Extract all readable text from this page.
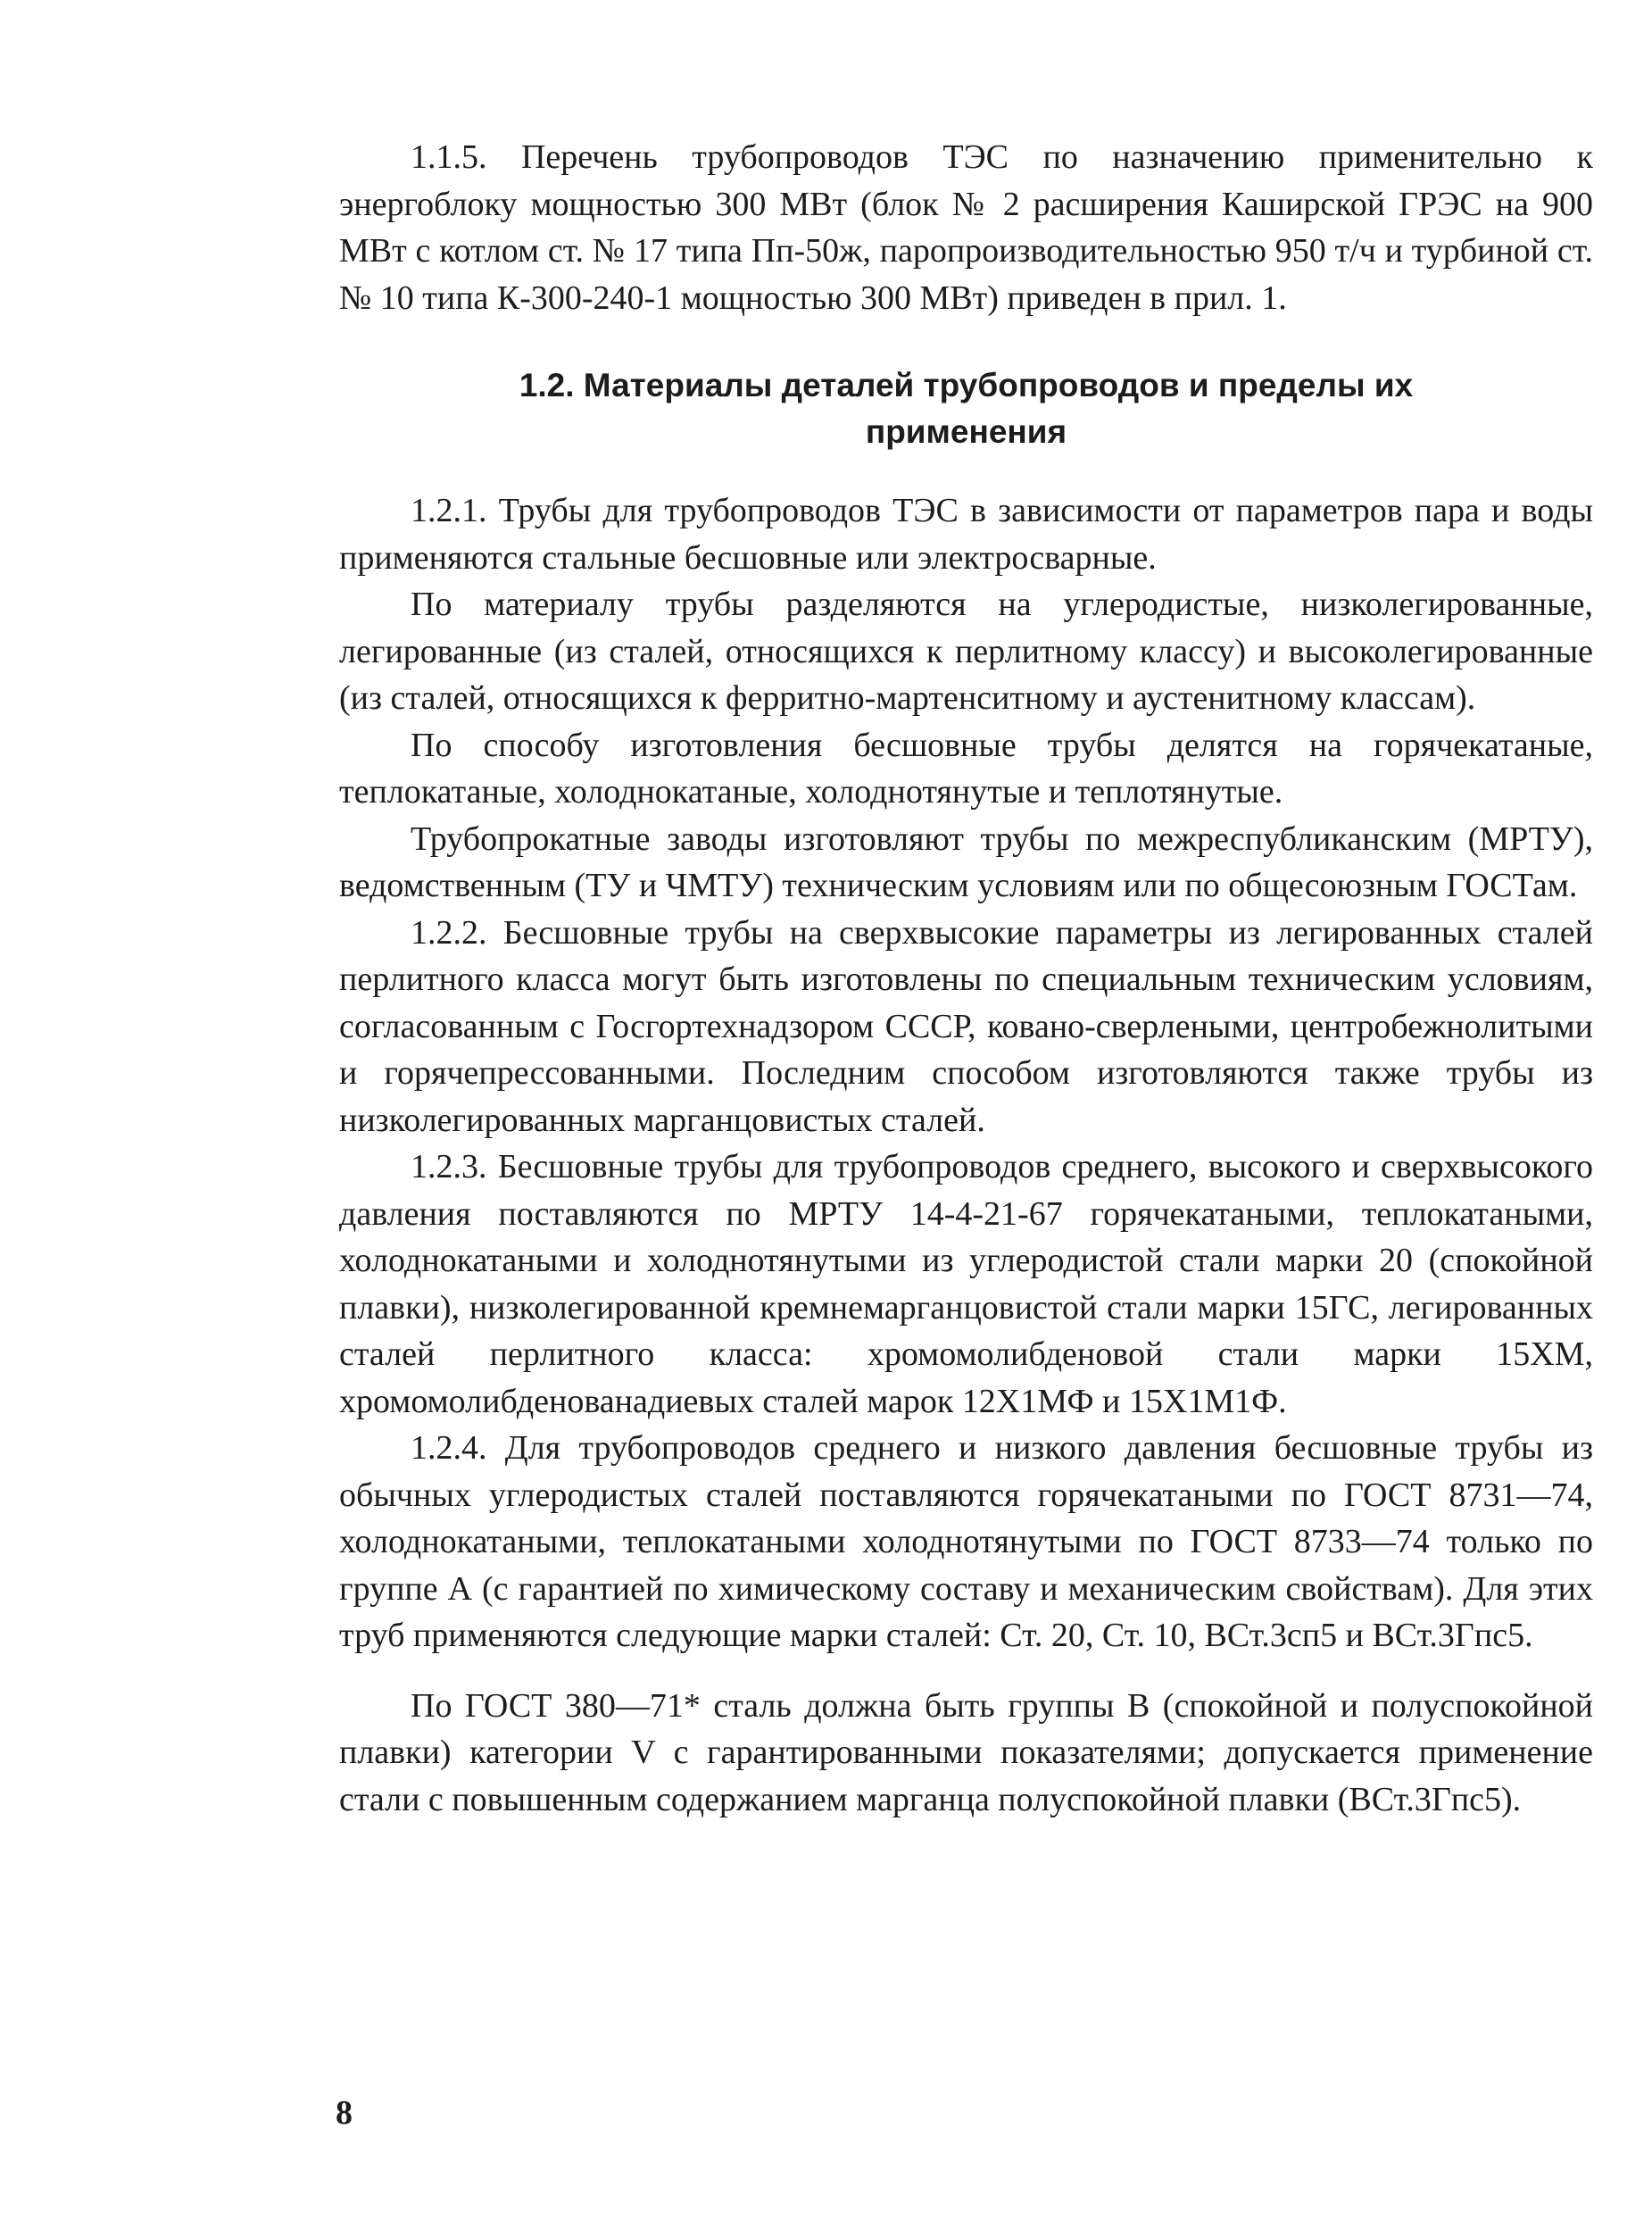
1.1.5. Перечень трубопроводов ТЭС по назначению применительно к энергоблоку мощностью 300 МВт (блок № 2 расширения Каширской ГРЭС на 900 МВт с котлом ст. № 17 типа Пп-50ж, паропроизводительностью 950 т/ч и турбиной ст. № 10 типа К-300-240-1 мощностью 300 МВт) приведен в прил. 1.

1.2. Материалы деталей трубопроводов и пределы их применения

1.2.1. Трубы для трубопроводов ТЭС в зависимости от параметров пара и воды применяются стальные бесшовные или электросварные.

По материалу трубы разделяются на углеродистые, низколегированные, легированные (из сталей, относящихся к перлитному классу) и высоколегированные (из сталей, относящихся к ферритно-мартенситному и аустенитному классам).

По способу изготовления бесшовные трубы делятся на горячекатаные, теплокатаные, холоднокатаные, холоднотянутые и теплотянутые.

Трубопрокатные заводы изготовляют трубы по межреспубликанским (МРТУ), ведомственным (ТУ и ЧМТУ) техническим условиям или по общесоюзным ГОСТам.

1.2.2. Бесшовные трубы на сверхвысокие параметры из легированных сталей перлитного класса могут быть изготовлены по специальным техническим условиям, согласованным с Госгортехнадзором СССР, ковано-сверлеными, центробежнолитыми и горячепрессованными. Последним способом изготовляются также трубы из низколегированных марганцовистых сталей.

1.2.3. Бесшовные трубы для трубопроводов среднего, высокого и сверхвысокого давления поставляются по МРТУ 14-4-21-67 горячекатаными, теплокатаными, холоднокатаными и холоднотянутыми из углеродистой стали марки 20 (спокойной плавки), низколегированной кремнемарганцовистой стали марки 15ГС, легированных сталей перлитного класса: хромомолибденовой стали марки 15ХМ, хромомолибденованадиевых сталей марок 12Х1МФ и 15Х1М1Ф.

1.2.4. Для трубопроводов среднего и низкого давления бесшовные трубы из обычных углеродистых сталей поставляются горячекатаными по ГОСТ 8731—74, холоднокатаными, теплокатаными холоднотянутыми по ГОСТ 8733—74 только по группе А (с гарантией по химическому составу и механическим свойствам). Для этих труб применяются следующие марки сталей: Ст. 20, Ст. 10, ВСт.3сп5 и ВСт.3Гпс5.

По ГОСТ 380—71* сталь должна быть группы В (спокойной и полуспокойной плавки) категории V с гарантированными показателями; допускается применение стали с повышенным содержанием марганца полуспокойной плавки (ВСт.3Гпс5).

8
